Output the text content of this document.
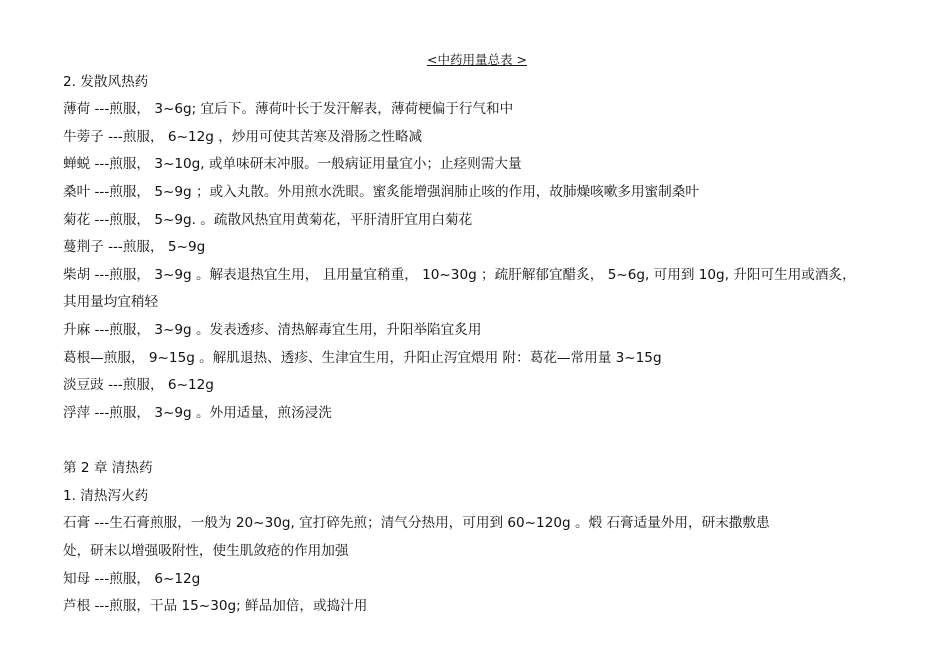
<中药用量总表 >
2. 发散风热药
薄荷 ---煎服， 3~6g; 宜后下。薄荷叶长于发汗解表，薄荷梗偏于行气和中
牛蒡子 ---煎服， 6~12g ，炒用可使其苦寒及滑肠之性略减
蝉蜕 ---煎服， 3~10g, 或单味研末冲服。一般病证用量宜小；止痉则需大量
桑叶 ---煎服， 5~9g ；或入丸散。外用煎水洗眼。蜜炙能增强润肺止咳的作用，故肺燥咳嗽多用蜜制桑叶
菊花 ---煎服， 5~9g. 。疏散风热宜用黄菊花，平肝清肝宜用白菊花
蔓荆子 ---煎服， 5~9g
柴胡 ---煎服， 3~9g 。解表退热宜生用， 且用量宜稍重， 10~30g ；疏肝解郁宜醋炙， 5~6g, 可用到 10g, 升阳可生用或酒炙，
其用量均宜稍轻
升麻 ---煎服， 3~9g 。发表透疹、清热解毒宜生用，升阳举陷宜炙用
葛根—煎服， 9~15g 。解肌退热、透疹、生津宜生用，升阳止泻宜煨用 附：葛花—常用量 3~15g
淡豆豉 ---煎服， 6~12g
浮萍 ---煎服， 3~9g 。外用适量，煎汤浸洗
第 2 章 清热药
1. 清热泻火药
石膏 ---生石膏煎服，一般为 20~30g, 宜打碎先煎；清气分热用，可用到 60~120g 。煅 石膏适量外用，研末撒敷患
处，研末以增强吸附性，使生肌敛疮的作用加强
知母 ---煎服， 6~12g
芦根 ---煎服，干品 15~30g; 鲜品加倍，或捣汁用
